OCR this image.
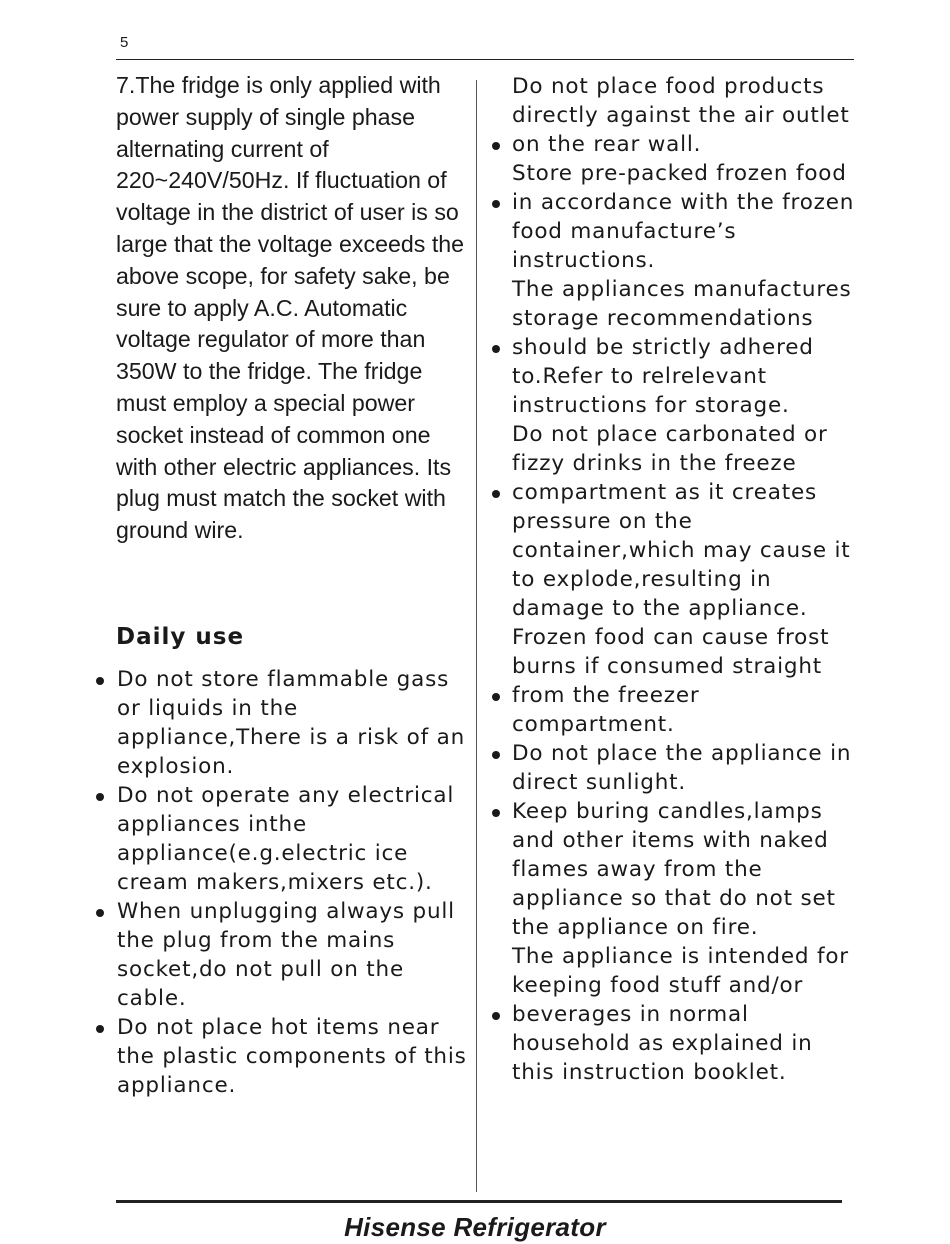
5

7.The fridge is only applied with power supply of single phase alternating current of 220~240V/50Hz. If fluctuation of voltage in the district of user is so large that the voltage exceeds the above scope, for safety sake, be sure to apply A.C. Automatic voltage regulator of more than 350W to the fridge. The fridge must employ a special power socket instead of common one with other electric appliances. Its plug must match the socket with ground wire.

Daily use
Do not store flammable gass or liquids in the appliance,There is a risk of an explosion.
Do not operate any electrical appliances inthe appliance(e.g.electric ice cream makers,mixers etc.).
When unplugging always pull the plug from the mains socket,do not pull on the cable.
Do not place hot items near the plastic components of this appliance.
Do not place food products directly against the air outlet on the rear wall.
Store pre-packed frozen food in accordance with the frozen food manufacture’s instructions.
The appliances manufactures storage recommendations should be strictly adhered to.Refer to relrelevant instructions for storage.
Do not place carbonated or fizzy drinks in the freeze compartment as it creates pressure on the container,which may cause it to explode,resulting in damage to the appliance.
Frozen food can cause frost burns if consumed straight from the freezer compartment.
Do not place the appliance in direct sunlight.
Keep buring candles,lamps and other items with naked flames away from the appliance so that do not set the appliance on fire.
The appliance is intended for keeping food stuff and/or beverages in normal household as explained in this instruction booklet.
Hisense Refrigerator
